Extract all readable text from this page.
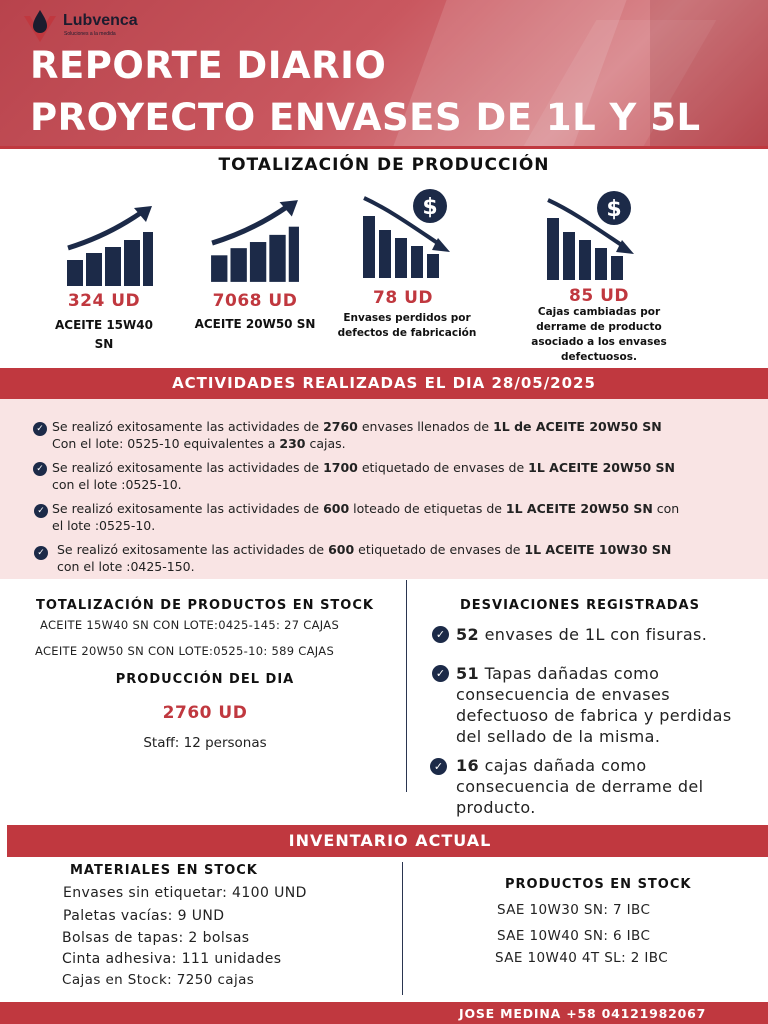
Lubvenca
Soluciones a la medida
REPORTE DIARIO
PROYECTO ENVASES DE 1L Y 5L
TOTALIZACIÓN DE PRODUCCIÓN
$	$
324 UD
ACEITE 15W40 SN
7068 UD
ACEITE 20W50 SN
78 UD
Envases perdidos por defectos de fabricación
85 UD
Cajas cambiadas por derrame de producto asociado a los envases defectuosos.
ACTIVIDADES REALIZADAS EL DIA 28/05/2025
✓ Se realizó exitosamente las actividades de 2760 envases llenados de 1L de ACEITE 20W50 SN
Con el lote: 0525-10 equivalentes a 230 cajas.
✓ Se realizó exitosamente las actividades de 1700 etiquetado de envases de 1L ACEITE 20W50 SN
con el lote :0525-10.
✓ Se realizó exitosamente las actividades de 600 loteado de etiquetas de 1L ACEITE 20W50 SN con
el lote :0525-10.
✓ Se realizó exitosamente las actividades de 600 etiquetado de envases de 1L ACEITE 10W30 SN
con el lote :0425-150.
TOTALIZACIÓN DE PRODUCTOS EN STOCK
ACEITE 15W40 SN CON LOTE:0425-145: 27 CAJAS
ACEITE 20W50 SN CON LOTE:0525-10: 589 CAJAS
PRODUCCIÓN DEL DIA
2760 UD
Staff: 12 personas
DESVIACIONES REGISTRADAS
✓ 52 envases de 1L con fisuras.
✓ 51 Tapas dañadas como
consecuencia de envases
defectuoso de fabrica y perdidas
del sellado de la misma.
✓ 16 cajas dañada como
consecuencia de derrame del
producto.
INVENTARIO ACTUAL
MATERIALES EN STOCK
Envases sin etiquetar: 4100 UND
Paletas vacías: 9 UND
Bolsas de tapas: 2 bolsas
Cinta adhesiva: 111 unidades
Cajas en Stock: 7250 cajas
PRODUCTOS EN STOCK
SAE 10W30 SN: 7 IBC
SAE 10W40 SN: 6 IBC
SAE 10W40 4T SL: 2 IBC
JOSE MEDINA +58 04121982067
